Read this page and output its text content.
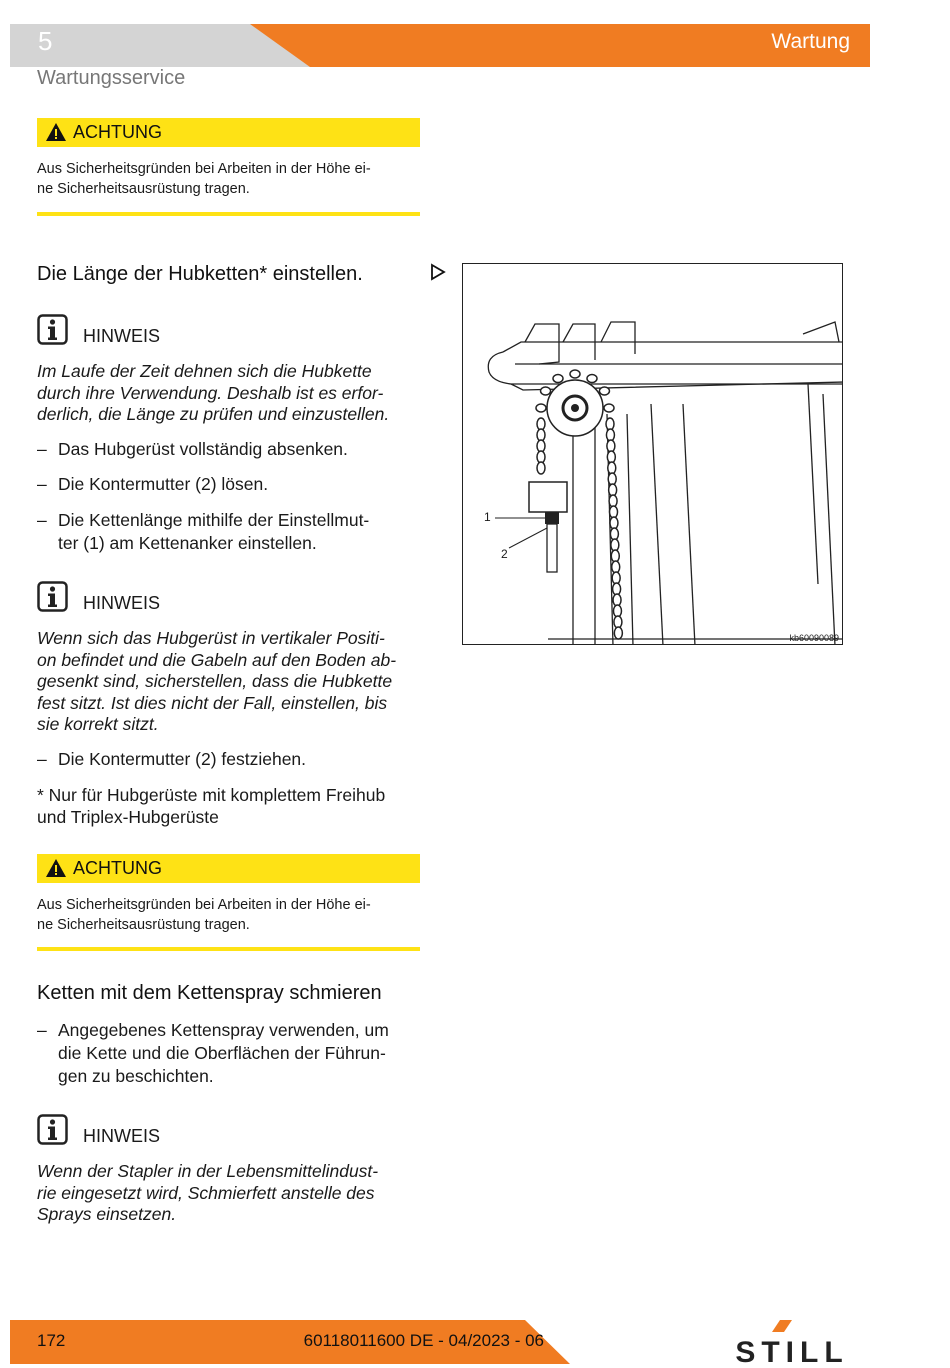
5	Wartung
Wartungsservice
ACHTUNG
Aus Sicherheitsgründen bei Arbeiten in der Höhe ei-
ne Sicherheitsausrüstung tragen.
Die Länge der Hubketten* einstellen.
HINWEIS
Im Laufe der Zeit dehnen sich die Hubkette
durch ihre Verwendung. Deshalb ist es erfor-
derlich, die Länge zu prüfen und einzustellen.
– Das Hubgerüst vollständig absenken.
– Die Kontermutter (2) lösen.
– Die Kettenlänge mithilfe der Einstellmut-
ter (1) am Kettenanker einstellen.
HINWEIS
Wenn sich das Hubgerüst in vertikaler Positi-
on befindet und die Gabeln auf den Boden ab-
gesenkt sind, sicherstellen, dass die Hubkette
fest sitzt. Ist dies nicht der Fall, einstellen, bis
sie korrekt sitzt.
– Die Kontermutter (2) festziehen.
* Nur für Hubgerüste mit komplettem Freihub
und Triplex-Hubgerüste
1
2
kb60090089
ACHTUNG
Aus Sicherheitsgründen bei Arbeiten in der Höhe ei-
ne Sicherheitsausrüstung tragen.
Ketten mit dem Kettenspray schmieren
– Angegebenes Kettenspray verwenden, um
die Kette und die Oberflächen der Führun-
gen zu beschichten.
HINWEIS
Wenn der Stapler in der Lebensmittelindust-
rie eingesetzt wird, Schmierfett anstelle des
Sprays einsetzen.
172	60118011600 DE - 04/2023 - 06	STILL
